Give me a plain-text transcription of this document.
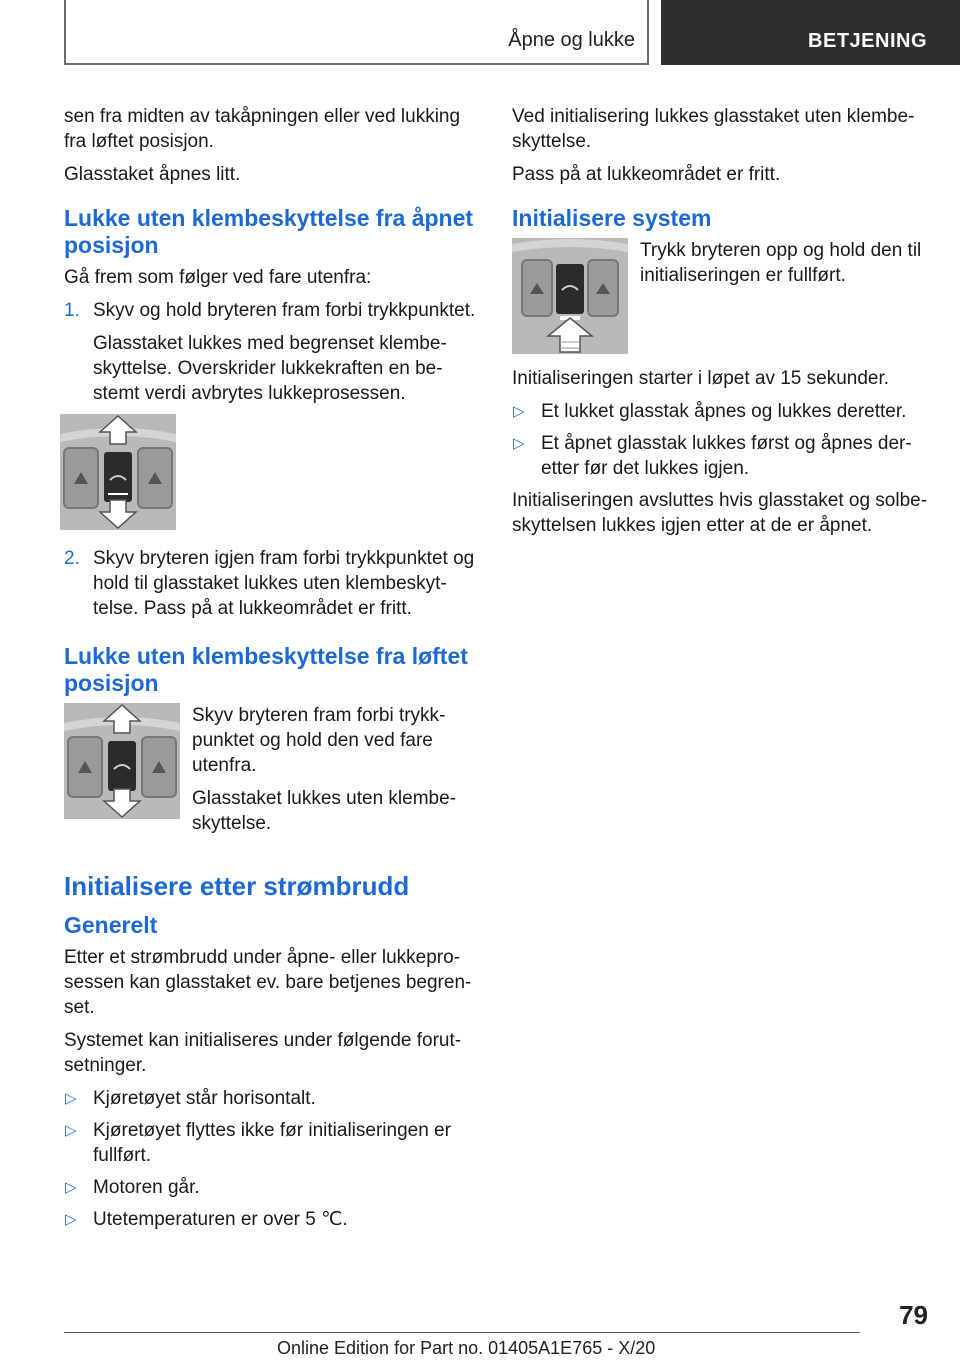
Åpne og lukke	BETJENING

sen fra midten av takåpningen eller ved lukking fra løftet posisjon.

Glasstaket åpnes litt.

Lukke uten klembeskyttelse fra åpnet posisjon

Gå frem som følger ved fare utenfra:

1. Skyv og hold bryteren fram forbi trykkpunktet.

Glasstaket lukkes med begrenset klembeskyttelse. Overskrider lukkekraften en bestemt verdi avbrytes lukkeprosessen.

2. Skyv bryteren igjen fram forbi trykkpunktet og hold til glasstaket lukkes uten klembeskyttelse. Pass på at lukkeområdet er fritt.
Lukke uten klembeskyttelse fra løftet posisjon

Skyv bryteren fram forbi trykkpunktet og hold den ved fare utenfra.

Glasstaket lukkes uten klembeskyttelse.

Initialisere etter strømbrudd
Generelt

Etter et strømbrudd under åpne- eller lukkeprosessen kan glasstaket ev. bare betjenes begrenset.

Systemet kan initialiseres under følgende forutsetninger.

▷ Kjøretøyet står horisontalt.
▷ Kjøretøyet flyttes ikke før initialiseringen er fullført.
▷ Motoren går.
▷ Utetemperaturen er over 5 ℃.

Ved initialisering lukkes glasstaket uten klembeskyttelse.

Pass på at lukkeområdet er fritt.

Initialisere system

Trykk bryteren opp og hold den til initialiseringen er fullført.

Initialiseringen starter i løpet av 15 sekunder.

▷ Et lukket glasstak åpnes og lukkes deretter.
▷ Et åpnet glasstak lukkes først og åpnes deretter før det lukkes igjen.

Initialiseringen avsluttes hvis glasstaket og solbeskyttelsen lukkes igjen etter at de er åpnet.

79
Online Edition for Part no. 01405A1E765 - X/20
